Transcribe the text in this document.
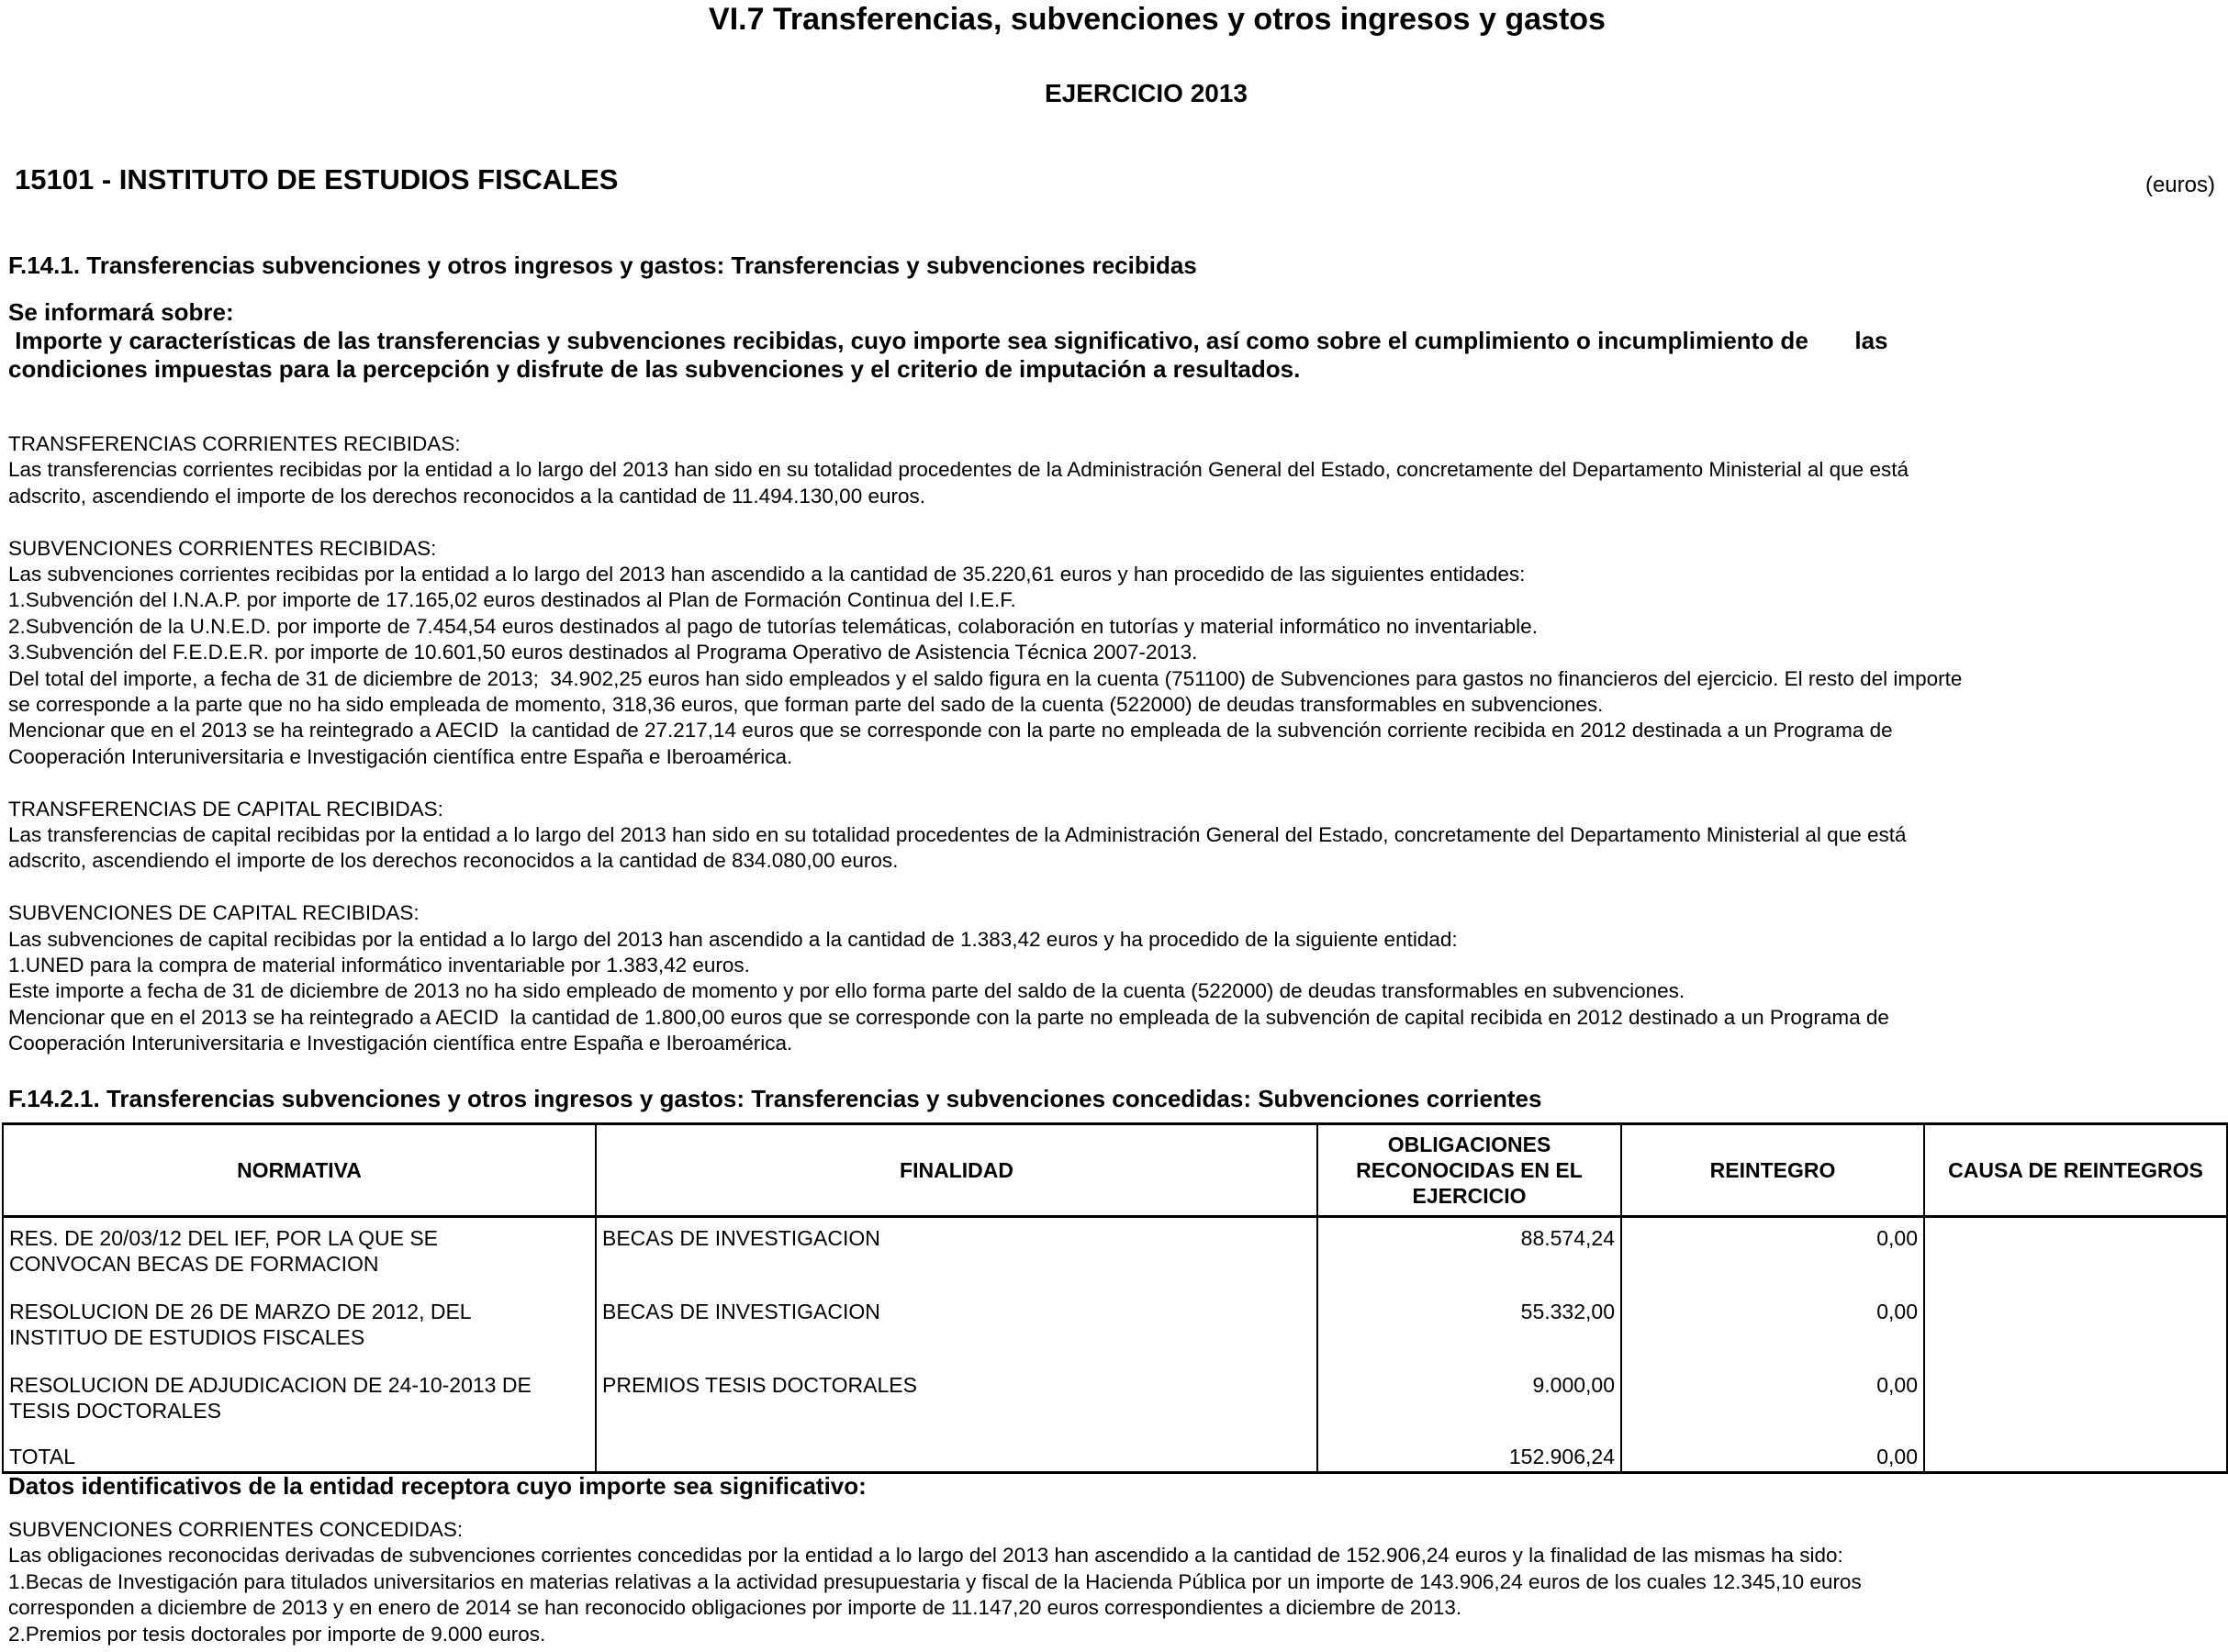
VI.7 Transferencias, subvenciones y otros ingresos y gastos
EJERCICIO 2013
15101 - INSTITUTO DE ESTUDIOS FISCALES	(euros)
F.14.1. Transferencias subvenciones y otros ingresos y gastos: Transferencias y subvenciones recibidas
Se informará sobre:
Importe y características de las transferencias y subvenciones recibidas, cuyo importe sea significativo, así como sobre el cumplimiento o incumplimiento de       las
condiciones impuestas para la percepción y disfrute de las subvenciones y el criterio de imputación a resultados.
TRANSFERENCIAS CORRIENTES RECIBIDAS:
Las transferencias corrientes recibidas por la entidad a lo largo del 2013 han sido en su totalidad procedentes de la Administración General del Estado, concretamente del Departamento Ministerial al que está
adscrito, ascendiendo el importe de los derechos reconocidos a la cantidad de 11.494.130,00 euros.
SUBVENCIONES CORRIENTES RECIBIDAS:
Las subvenciones corrientes recibidas por la entidad a lo largo del 2013 han ascendido a la cantidad de 35.220,61 euros y han procedido de las siguientes entidades:
1.Subvención del I.N.A.P. por importe de 17.165,02 euros destinados al Plan de Formación Continua del I.E.F.
2.Subvención de la U.N.E.D. por importe de 7.454,54 euros destinados al pago de tutorías telemáticas, colaboración en tutorías y material informático no inventariable.
3.Subvención del F.E.D.E.R. por importe de 10.601,50 euros destinados al Programa Operativo de Asistencia Técnica 2007-2013.
Del total del importe, a fecha de 31 de diciembre de 2013;  34.902,25 euros han sido empleados y el saldo figura en la cuenta (751100) de Subvenciones para gastos no financieros del ejercicio. El resto del importe
se corresponde a la parte que no ha sido empleada de momento, 318,36 euros, que forman parte del sado de la cuenta (522000) de deudas transformables en subvenciones.
Mencionar que en el 2013 se ha reintegrado a AECID  la cantidad de 27.217,14 euros que se corresponde con la parte no empleada de la subvención corriente recibida en 2012 destinada a un Programa de
Cooperación Interuniversitaria e Investigación científica entre España e Iberoamérica.
TRANSFERENCIAS DE CAPITAL RECIBIDAS:
Las transferencias de capital recibidas por la entidad a lo largo del 2013 han sido en su totalidad procedentes de la Administración General del Estado, concretamente del Departamento Ministerial al que está
adscrito, ascendiendo el importe de los derechos reconocidos a la cantidad de 834.080,00 euros.
SUBVENCIONES DE CAPITAL RECIBIDAS:
Las subvenciones de capital recibidas por la entidad a lo largo del 2013 han ascendido a la cantidad de 1.383,42 euros y ha procedido de la siguiente entidad:
1.UNED para la compra de material informático inventariable por 1.383,42 euros.
Este importe a fecha de 31 de diciembre de 2013 no ha sido empleado de momento y por ello forma parte del saldo de la cuenta (522000) de deudas transformables en subvenciones.
Mencionar que en el 2013 se ha reintegrado a AECID  la cantidad de 1.800,00 euros que se corresponde con la parte no empleada de la subvención de capital recibida en 2012 destinado a un Programa de
Cooperación Interuniversitaria e Investigación científica entre España e Iberoamérica.
F.14.2.1. Transferencias subvenciones y otros ingresos y gastos: Transferencias y subvenciones concedidas: Subvenciones corrientes
NORMATIVA	FINALIDAD	OBLIGACIONES
RECONOCIDAS EN EL
EJERCICIO	REINTEGRO	CAUSA DE REINTEGROS

RES. DE 20/03/12 DEL IEF, POR LA QUE SE
CONVOCAN BECAS DE FORMACION	BECAS DE INVESTIGACION	88.574,24	0,00	

RESOLUCION DE 26 DE MARZO DE 2012, DEL
INSTITUO DE ESTUDIOS FISCALES	BECAS DE INVESTIGACION	55.332,00	0,00	

RESOLUCION DE ADJUDICACION DE 24-10-2013 DE
TESIS DOCTORALES	PREMIOS TESIS DOCTORALES	9.000,00	0,00	
TOTAL		152.906,24	0,00	
Datos identificativos de la entidad receptora cuyo importe sea significativo:
SUBVENCIONES CORRIENTES CONCEDIDAS:
Las obligaciones reconocidas derivadas de subvenciones corrientes concedidas por la entidad a lo largo del 2013 han ascendido a la cantidad de 152.906,24 euros y la finalidad de las mismas ha sido:
1.Becas de Investigación para titulados universitarios en materias relativas a la actividad presupuestaria y fiscal de la Hacienda Pública por un importe de 143.906,24 euros de los cuales 12.345,10 euros
corresponden a diciembre de 2013 y en enero de 2014 se han reconocido obligaciones por importe de 11.147,20 euros correspondientes a diciembre de 2013.
2.Premios por tesis doctorales por importe de 9.000 euros.
